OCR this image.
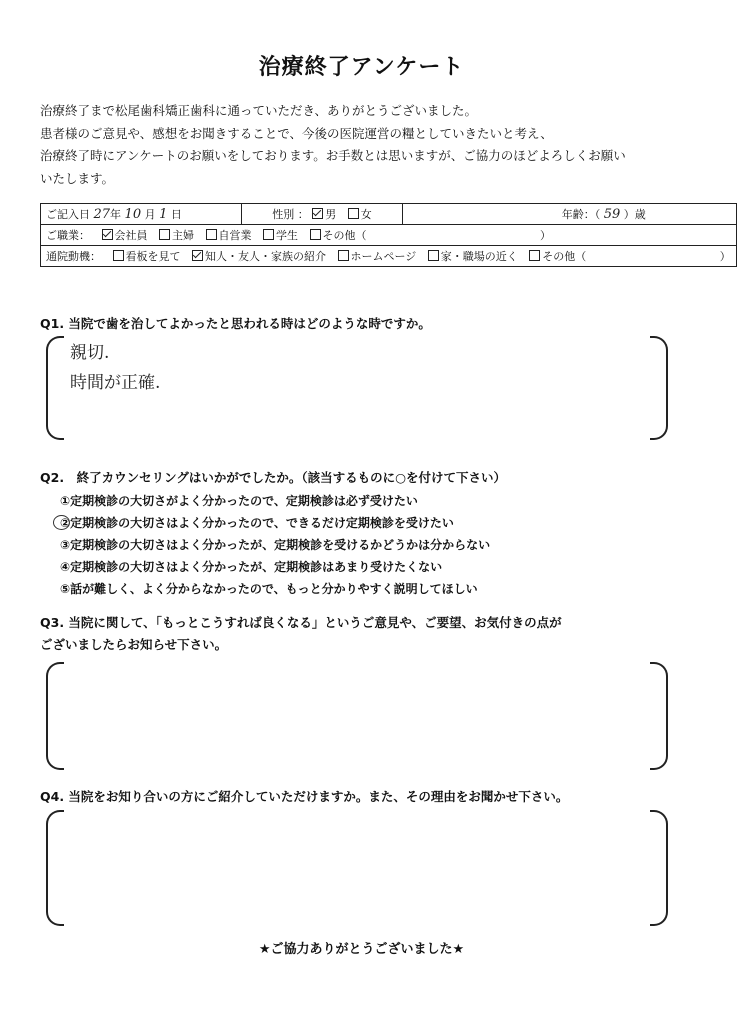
治療終了アンケート
治療終了まで松尾歯科矯正歯科に通っていただき、ありがとうございました。
患者様のご意見や、感想をお聞きすることで、今後の医院運営の糧としていきたいと考え、
治療終了時にアンケートのお願いをしております。お手数とは思いますが、ご協力のほどよろしくお願い
いたします。
ご記入日 27年 10 月 1 日	性別 ： 男 女	年齢：（ 59 ）歳
ご職業： 会社員 主婦 自営業 学生 その他（	）
通院動機： 看板を見て 知人・友人・家族の紹介 ホームページ 家・職場の近く その他（	）
Q1. 当院で歯を治してよかったと思われる時はどのような時ですか。
親切.
時間が正確.
Q2.　終了カウンセリングはいかがでしたか。（該当するものに○を付けて下さい）
①定期検診の大切さがよく分かったので、定期検診は必ず受けたい
②定期検診の大切さはよく分かったので、できるだけ定期検診を受けたい
③定期検診の大切さはよく分かったが、定期検診を受けるかどうかは分からない
④定期検診の大切さはよく分かったが、定期検診はあまり受けたくない
⑤話が難しく、よく分からなかったので、もっと分かりやすく説明してほしい
Q3. 当院に関して、「もっとこうすれば良くなる」というご意見や、ご要望、お気付きの点が
ございましたらお知らせ下さい。
Q4. 当院をお知り合いの方にご紹介していただけますか。また、その理由をお聞かせ下さい。
★ご協力ありがとうございました★
